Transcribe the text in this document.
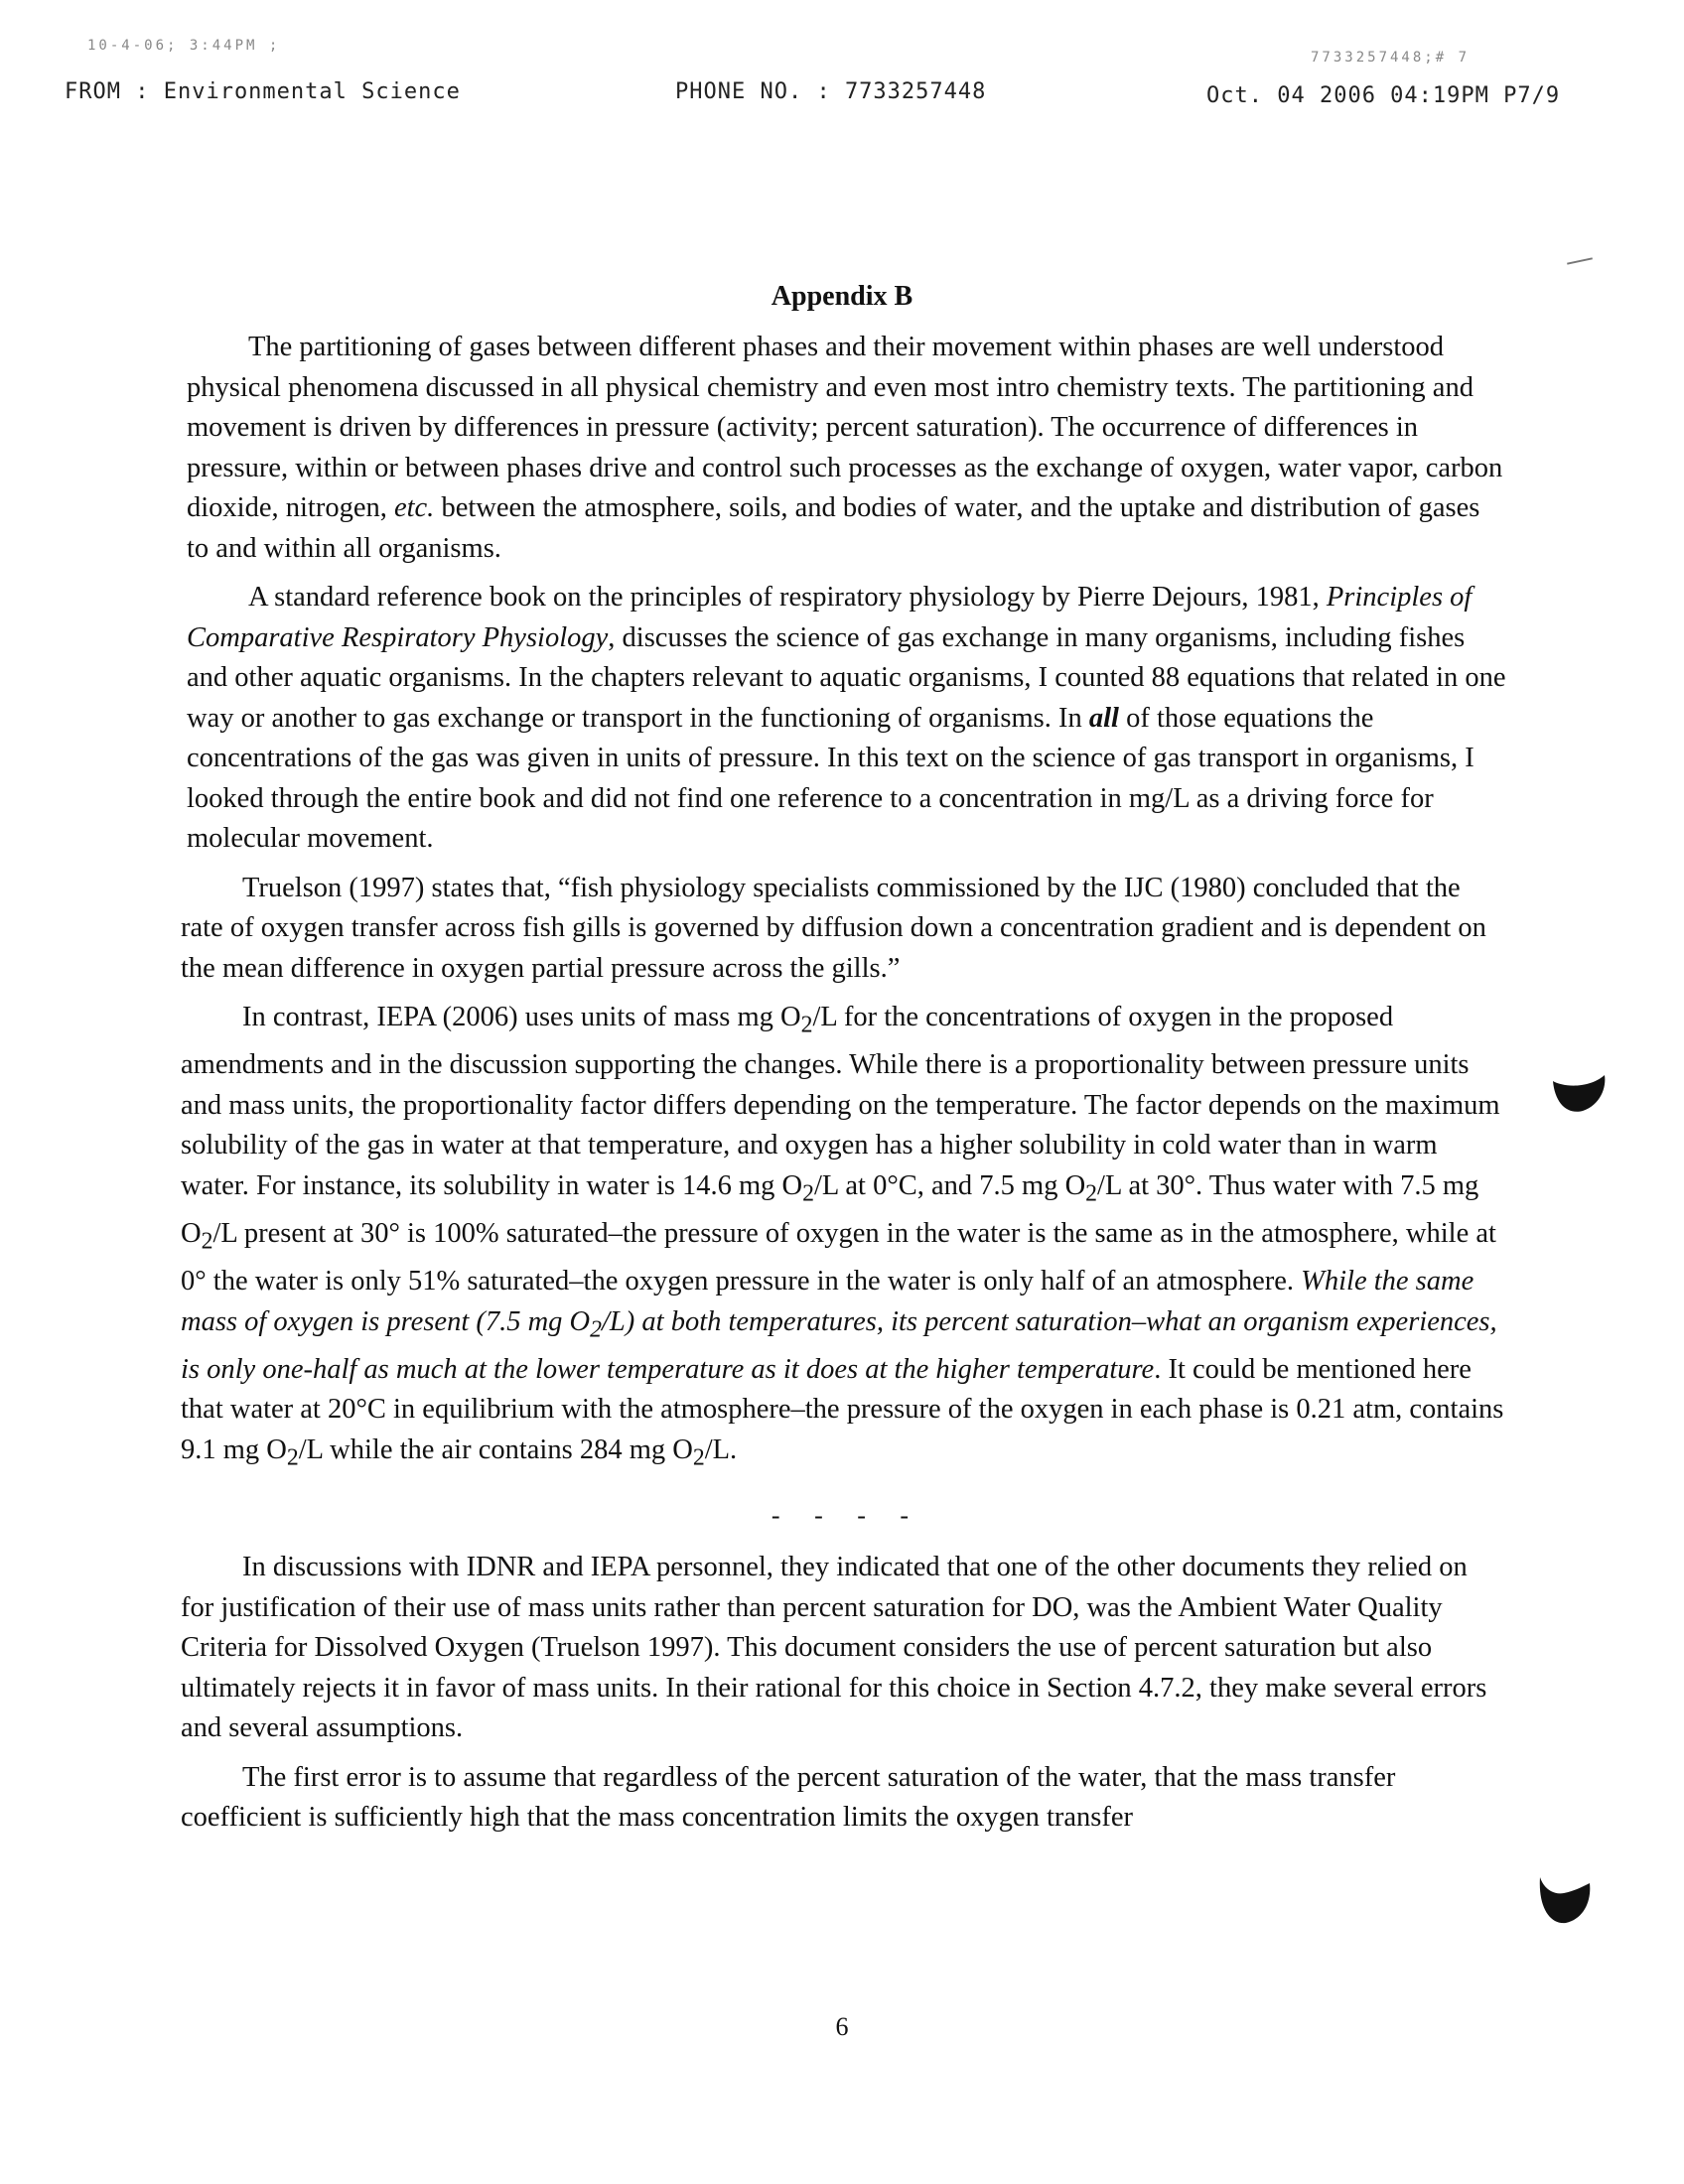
10-4-06; 3:44PM ;
7733257448;# 7
FROM : Environmental Science	PHONE NO. : 7733257448	Oct. 04 2006 04:19PM P7/9
Appendix B

The partitioning of gases between different phases and their movement within phases are well understood physical phenomena discussed in all physical chemistry and even most intro chemistry texts. The partitioning and movement is driven by differences in pressure (activity; percent saturation). The occurrence of differences in pressure, within or between phases drive and control such processes as the exchange of oxygen, water vapor, carbon dioxide, nitrogen, etc. between the atmosphere, soils, and bodies of water, and the uptake and distribution of gases to and within all organisms.

A standard reference book on the principles of respiratory physiology by Pierre Dejours, 1981, Principles of Comparative Respiratory Physiology, discusses the science of gas exchange in many organisms, including fishes and other aquatic organisms. In the chapters relevant to aquatic organisms, I counted 88 equations that related in one way or another to gas exchange or transport in the functioning of organisms. In all of those equations the concentrations of the gas was given in units of pressure. In this text on the science of gas transport in organisms, I looked through the entire book and did not find one reference to a concentration in mg/L as a driving force for molecular movement.

Truelson (1997) states that, “fish physiology specialists commissioned by the IJC (1980) concluded that the rate of oxygen transfer across fish gills is governed by diffusion down a concentration gradient and is dependent on the mean difference in oxygen partial pressure across the gills.”

In contrast, IEPA (2006) uses units of mass mg $O_2/L$ for the concentrations of oxygen in the proposed amendments and in the discussion supporting the changes. While there is a proportionality between pressure units and mass units, the proportionality factor differs depending on the temperature. The factor depends on the maximum solubility of the gas in water at that temperature, and oxygen has a higher solubility in cold water than in warm water. For instance, its solubility in water is 14.6 mg $O_2/L$ at 0°C, and 7.5 mg $O_2/L$ at 30°. Thus water with 7.5 mg $O_2/L$ present at 30° is 100% saturated–the pressure of oxygen in the water is the same as in the atmosphere, while at 0° the water is only 51% saturated–the oxygen pressure in the water is only half of an atmosphere. While the same mass of oxygen is present (7.5 mg $O_2/L$) at both temperatures, its percent saturation–what an organism experiences, is only one-half as much at the lower temperature as it does at the higher temperature. It could be mentioned here that water at 20°C in equilibrium with the atmosphere–the pressure of the oxygen in each phase is 0.21 atm, contains 9.1 mg $O_2/L$ while the air contains 284 mg $O_2/L$.

- - - -

In discussions with IDNR and IEPA personnel, they indicated that one of the other documents they relied on for justification of their use of mass units rather than percent saturation for DO, was the Ambient Water Quality Criteria for Dissolved Oxygen (Truelson 1997). This document considers the use of percent saturation but also ultimately rejects it in favor of mass units. In their rational for this choice in Section 4.7.2, they make several errors and several assumptions.

The first error is to assume that regardless of the percent saturation of the water, that the mass transfer coefficient is sufficiently high that the mass concentration limits the oxygen transfer

6
